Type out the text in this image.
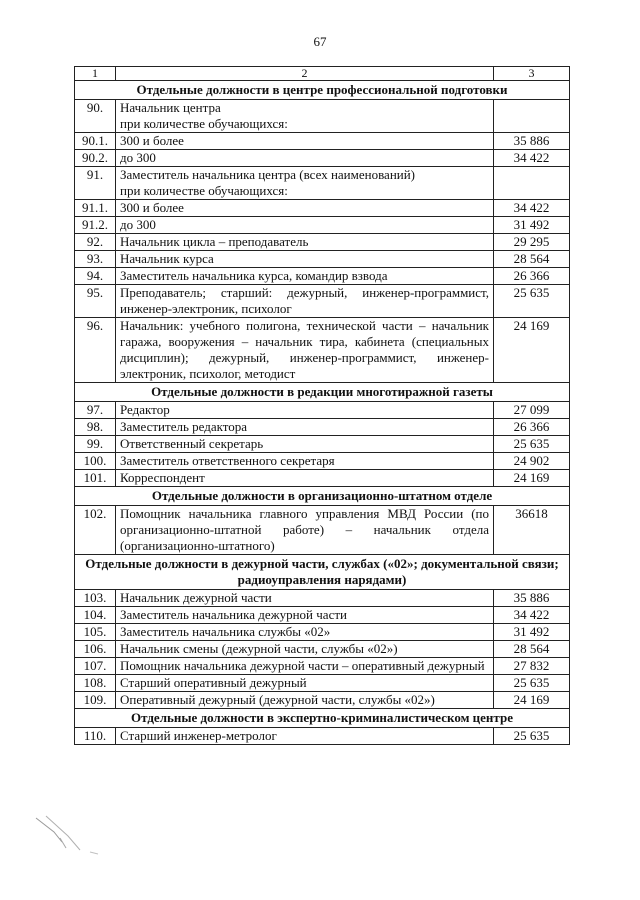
67
1	2	3
Отдельные должности в центре профессиональной подготовки		
90.	Начальник центра
при количестве обучающихся:	
90.1.	300 и более	35 886
90.2.	до 300	34 422
91.	Заместитель начальника центра (всех наименований)
при количестве обучающихся:	
91.1.	300 и более	34 422
91.2.	до 300	31 492
92.	Начальник цикла – преподаватель	29 295
93.	Начальник курса	28 564
94.	Заместитель начальника курса, командир взвода	26 366
95.	Преподаватель; старший: дежурный, инженер-программист, инженер-электроник, психолог	25 635
96.	Начальник: учебного полигона, технической части – начальник гаража, вооружения – начальник тира, кабинета (специальных дисциплин); дежурный, инженер-программист, инженер-электроник, психолог, методист	24 169
Отдельные должности в редакции многотиражной газеты		
97.	Редактор	27 099
98.	Заместитель редактора	26 366
99.	Ответственный секретарь	25 635
100.	Заместитель ответственного секретаря	24 902
101.	Корреспондент	24 169
Отдельные должности в организационно-штатном отделе		
102.	Помощник начальника главного управления МВД России (по организационно-штатной работе) – начальник отдела (организационно-штатного)	36618
Отдельные должности в дежурной части, службах («02»; документальной связи; радиоуправления нарядами)		
103.	Начальник дежурной части	35 886
104.	Заместитель начальника дежурной части	34 422
105.	Заместитель начальника службы «02»	31 492
106.	Начальник смены (дежурной части, службы «02»)	28 564
107.	Помощник начальника дежурной части – оперативный дежурный	27 832
108.	Старший оперативный дежурный	25 635
109.	Оперативный дежурный (дежурной части, службы «02»)	24 169
Отдельные должности в экспертно-криминалистическом центре		
110.	Старший инженер-метролог	25 635
